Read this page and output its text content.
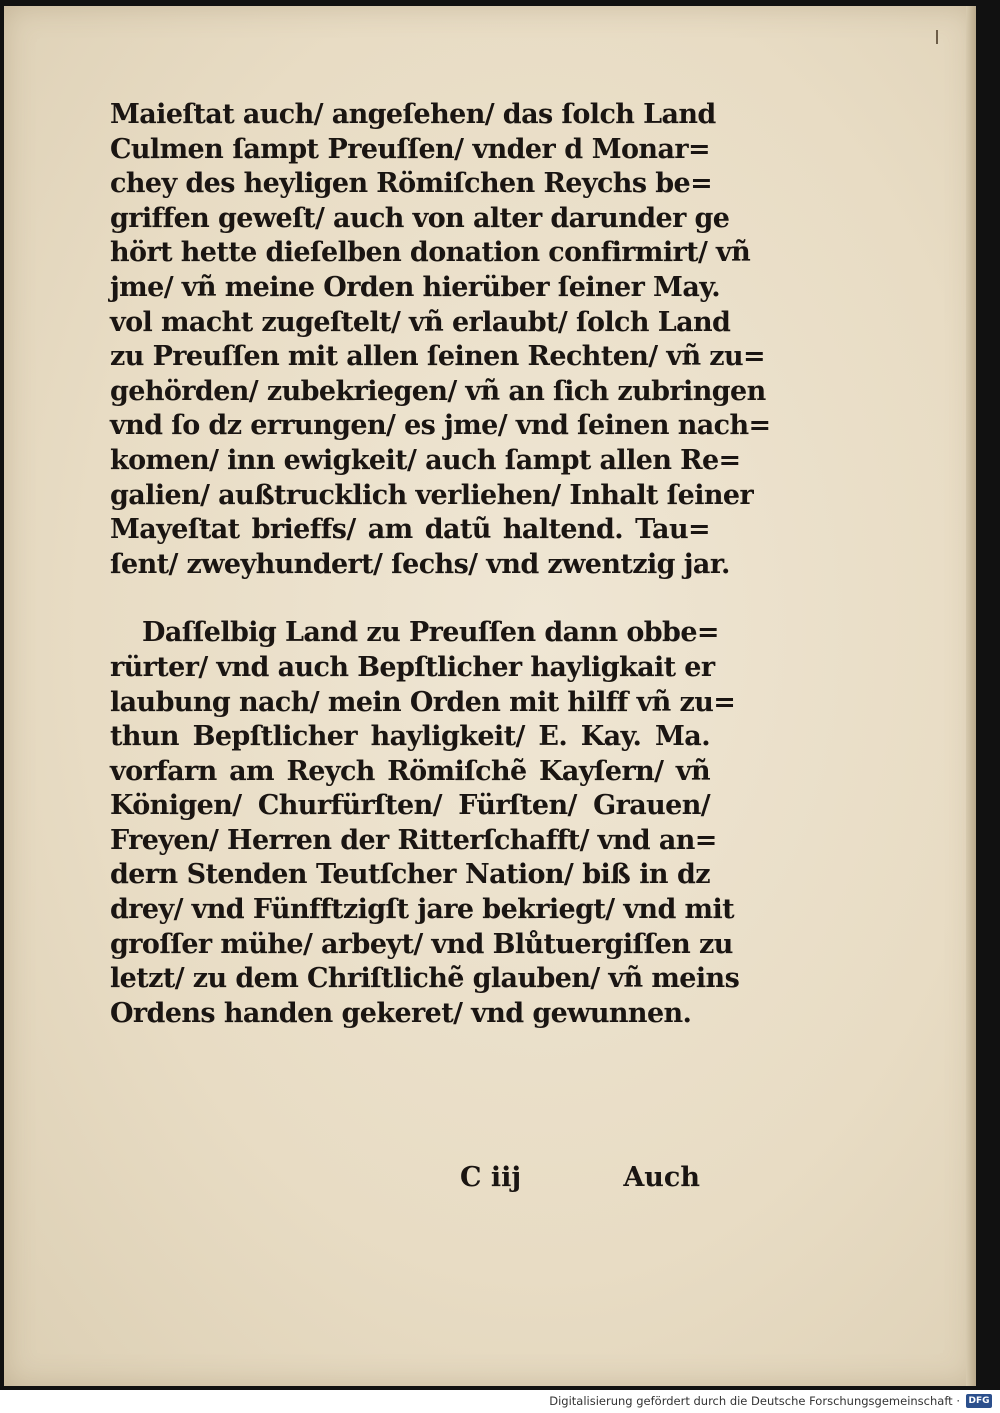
Maieſtat auch/ angeſehen/ das ſolch Land
Culmen ſampt Preuſſen/ vnder d Monar=
chey des heyligen Römiſchen Reychs be=
griffen geweſt/ auch von alter darunder ge
hört hette dieſelben donation confirmirt/ vñ
jme/ vñ meine Orden hierüber ſeiner May.
vol macht zugeſtelt/ vñ erlaubt/ ſolch Land
zu Preuſſen mit allen ſeinen Rechten/ vñ zu=
gehörden/ zubekriegen/ vñ an ſich zubringen
vnd ſo dz errungen/ es jme/ vnd ſeinen nach=
komen/ inn ewigkeit/ auch ſampt allen Re=
galien/ außtrucklich verliehen/ Inhalt ſeiner
Mayeſtat brieffs/ am datũ haltend. Tau=
ſent/ zweyhundert/ ſechs/ vnd zwentzig jar.
Daſſelbig Land zu Preuſſen dann obbe=
rürter/ vnd auch Bepſtlicher hayligkait er
laubung nach/ mein Orden mit hilff vñ zu=
thun Bepſtlicher hayligkeit/ E. Kay. Ma.
vorfarn am Reych Römiſchẽ Kayſern/ vñ
Königen/ Churfürſten/ Fürſten/ Grauen/
Freyen/ Herren der Ritterſchafft/ vnd an=
dern Stenden Teutſcher Nation/ biß in dz
drey/ vnd Fünfftzigſt jare bekriegt/ vnd mit
groſſer mühe/ arbeyt/ vnd Blůtuergiſſen zu
letzt/ zu dem Chriſtlichẽ glauben/ vñ meins
Ordens handen gekeret/ vnd gewunnen.
C iij	Auch
Digitalisierung gefördert durch die Deutsche Forschungsgemeinschaft · DFG
